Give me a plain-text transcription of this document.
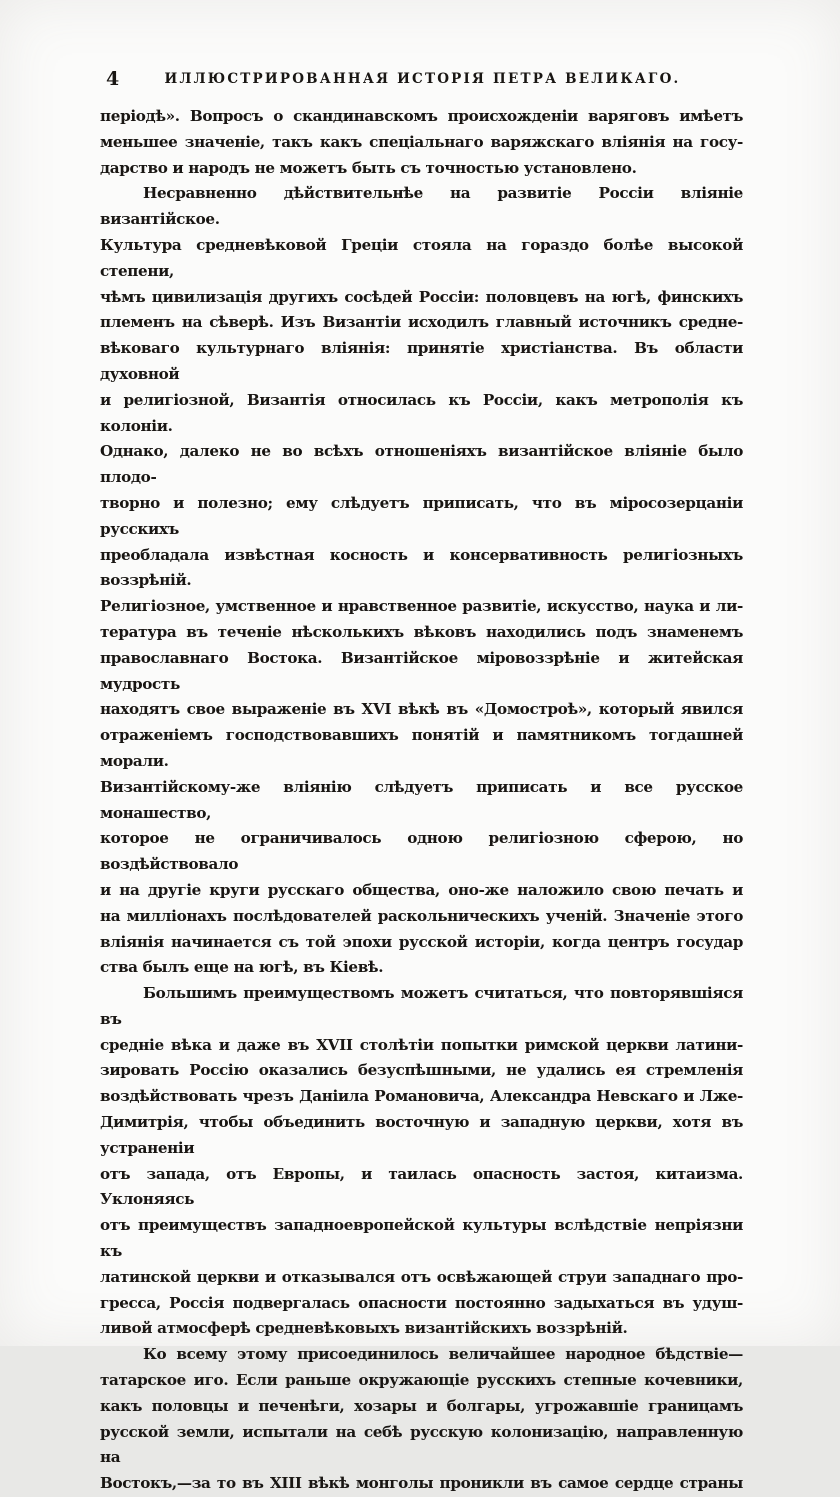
4	ИЛЛЮСТРИРОВАННАЯ ИСТОРІЯ ПЕТРА ВЕЛИКАГО.
періодѣ». Вопросъ о скандинавскомъ происхожденіи варяговъ имѣетъ
меньшее значеніе, такъ какъ спеціальнаго варяжскаго вліянія на госу-
дарство и народъ не можетъ быть съ точностью установлено.
Несравненно дѣйствительнѣе на развитіе Россіи вліяніе византійское.
Культура средневѣковой Греціи стояла на гораздо болѣе высокой степени,
чѣмъ цивилизація другихъ сосѣдей Россіи: половцевъ на югѣ, финскихъ
племенъ на сѣверѣ. Изъ Византіи исходилъ главный источникъ средне-
вѣковаго культурнаго вліянія: принятіе христіанства. Въ области духовной
и религіозной, Византія относилась къ Россіи, какъ метрополія къ колоніи.
Однако, далеко не во всѣхъ отношеніяхъ византійское вліяніе было плодо-
творно и полезно; ему слѣдуетъ приписать, что въ міросозерцаніи русскихъ
преобладала извѣстная косность и консервативность религіозныхъ воззрѣній.
Религіозное, умственное и нравственное развитіе, искусство, наука и ли-
тература въ теченіе нѣсколькихъ вѣковъ находились подъ знаменемъ
православнаго Востока. Византійское міровоззрѣніе и житейская мудрость
находятъ свое выраженіе въ XVI вѣкѣ въ «Домостроѣ», который явился
отраженіемъ господствовавшихъ понятій и памятникомъ тогдашней морали.
Византійскому-же вліянію слѣдуетъ приписать и все русское монашество,
которое не ограничивалось одною религіозною сферою, но воздѣйствовало
и на другіе круги русскаго общества, оно-же наложило свою печать и
на милліонахъ послѣдователей раскольническихъ ученій. Значеніе этого
вліянія начинается съ той эпохи русской исторіи, когда центръ государ
ства былъ еще на югѣ, въ Кіевѣ.
Большимъ преимуществомъ можетъ считаться, что повторявшіяся въ
средніе вѣка и даже въ XVII столѣтіи попытки римской церкви латини-
зировать Россію оказались безуспѣшными, не удались ея стремленія
воздѣйствовать чрезъ Даніила Романовича, Александра Невскаго и Лже-
Димитрія, чтобы объединить восточную и западную церкви, хотя въ устраненіи
отъ запада, отъ Европы, и таилась опасность застоя, китаизма. Уклоняясь
отъ преимуществъ западноевропейской культуры вслѣдствіе непріязни къ
латинской церкви и отказывался отъ освѣжающей струи западнаго про-
гресса, Россія подвергалась опасности постоянно задыхаться въ удуш-
ливой атмосферѣ средневѣковыхъ византійскихъ воззрѣній.
Ко всему этому присоединилось величайшее народное бѣдствіе—
татарское иго. Если раньше окружающіе русскихъ степные кочевники,
какъ половцы и печенѣги, хозары и болгары, угрожавшіе границамъ
русской земли, испытали на себѣ русскую колонизацію, направленную на
Востокъ,—за то въ XIII вѣкѣ монголы проникли въ самое сердце страны
